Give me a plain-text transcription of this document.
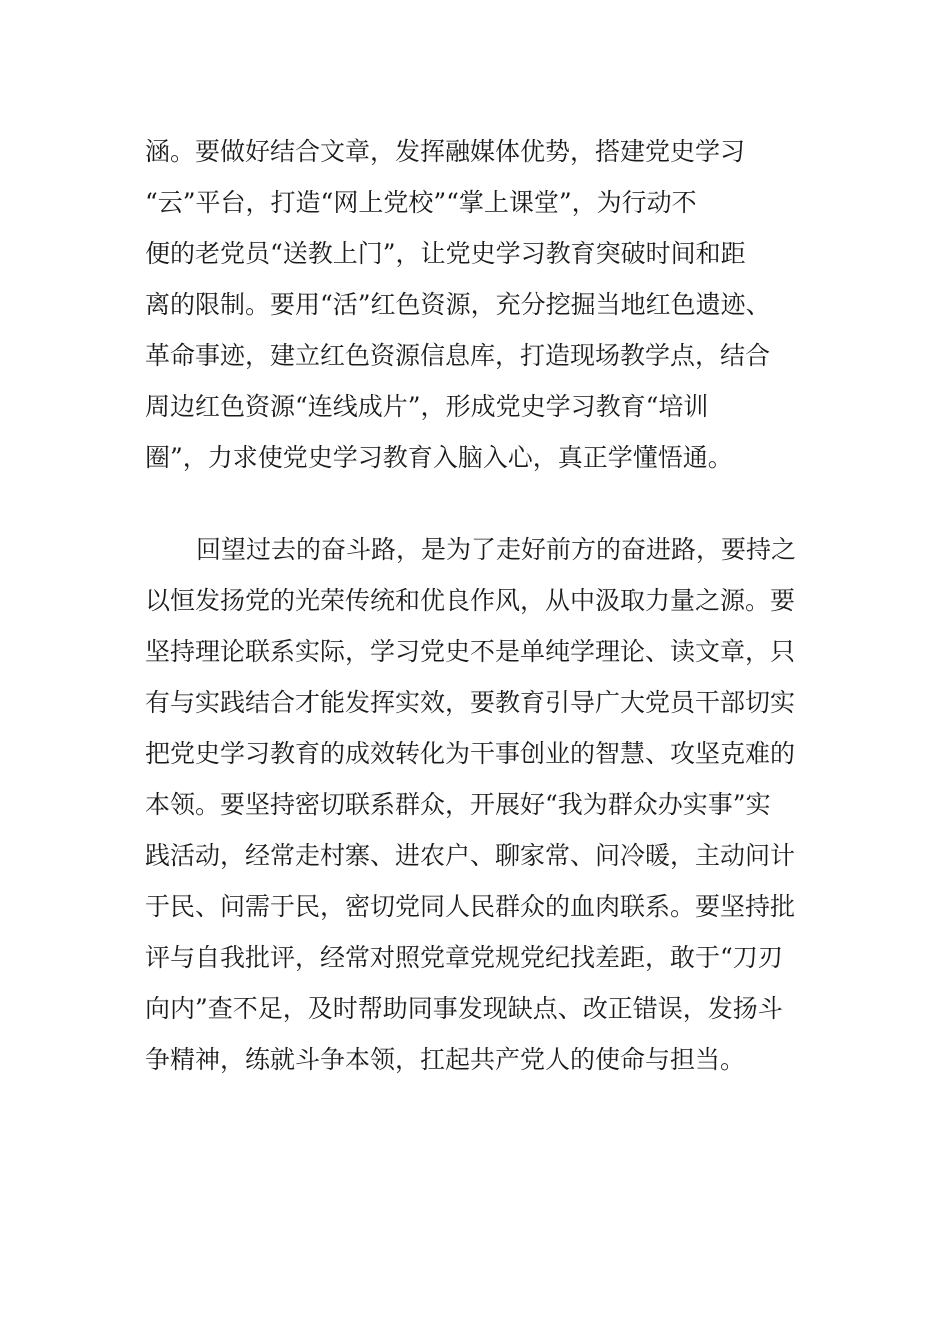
涵。要做好结合文章，发挥融媒体优势，搭建党史学习
“云”平台，打造“网上党校”“掌上课堂”，为行动不
便的老党员“送教上门”，让党史学习教育突破时间和距
离的限制。要用“活”红色资源，充分挖掘当地红色遗迹、
革命事迹，建立红色资源信息库，打造现场教学点，结合
周边红色资源“连线成片”，形成党史学习教育“培训
圈”，力求使党史学习教育入脑入心，真正学懂悟通。
回望过去的奋斗路，是为了走好前方的奋进路，要持之
以恒发扬党的光荣传统和优良作风，从中汲取力量之源。要
坚持理论联系实际，学习党史不是单纯学理论、读文章，只
有与实践结合才能发挥实效，要教育引导广大党员干部切实
把党史学习教育的成效转化为干事创业的智慧、攻坚克难的
本领。要坚持密切联系群众，开展好“我为群众办实事”实
践活动，经常走村寨、进农户、聊家常、问冷暖，主动问计
于民、问需于民，密切党同人民群众的血肉联系。要坚持批
评与自我批评，经常对照党章党规党纪找差距，敢于“刀刃
向内”查不足，及时帮助同事发现缺点、改正错误，发扬斗
争精神，练就斗争本领，扛起共产党人的使命与担当。
